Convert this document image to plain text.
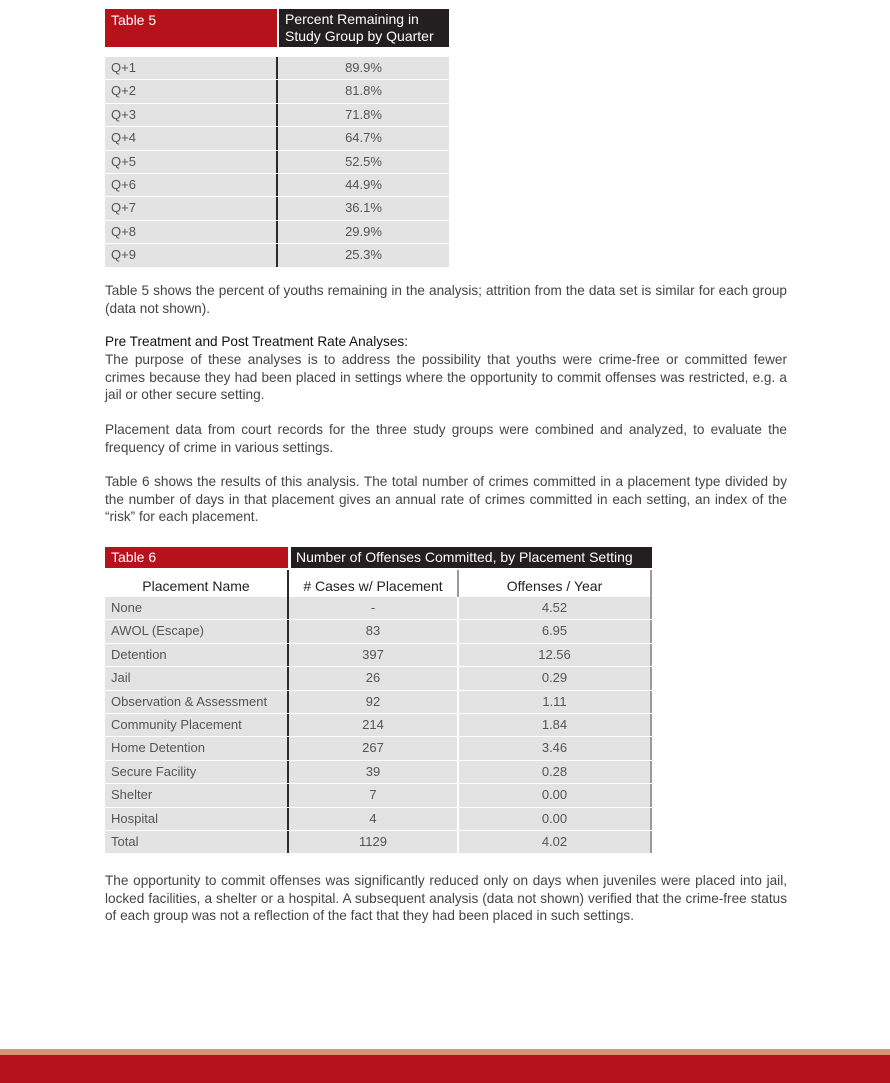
Table 5	Percent Remaining in Study Group by Quarter
Q+1	89.9%
Q+2	81.8%
Q+3	71.8%
Q+4	64.7%
Q+5	52.5%
Q+6	44.9%
Q+7	36.1%
Q+8	29.9%
Q+9	25.3%
Table 5 shows the percent of youths remaining in the analysis; attrition from the data set is similar for each group (data not shown).
Pre Treatment and Post Treatment Rate Analyses:
The purpose of these analyses is to address the possibility that youths were crime-free or committed fewer crimes because they had been placed in settings where the opportunity to commit offenses was restricted, e.g. a jail or other secure setting.
Placement data from court records for the three study groups were combined and analyzed, to evaluate the frequency of crime in various settings.
Table 6 shows the results of this analysis. The total number of crimes committed in a placement type divided by the number of days in that placement gives an annual rate of crimes committed in each setting, an index of the “risk” for each placement.
Table 6	Number of Offenses Committed, by Placement Setting
Placement Name	# Cases w/ Placement	Offenses / Year
None	-	4.52
AWOL (Escape)	83	6.95
Detention	397	12.56
Jail	26	0.29
Observation & Assessment	92	1.11
Community Placement	214	1.84
Home Detention	267	3.46
Secure Facility	39	0.28
Shelter	7	0.00
Hospital	4	0.00
Total	1129	4.02
The opportunity to commit offenses was significantly reduced only on days when juveniles were placed into jail, locked facilities, a shelter or a hospital. A subsequent analysis (data not shown) verified that the crime-free status of each group was not a reflection of the fact that they had been placed in such settings.
